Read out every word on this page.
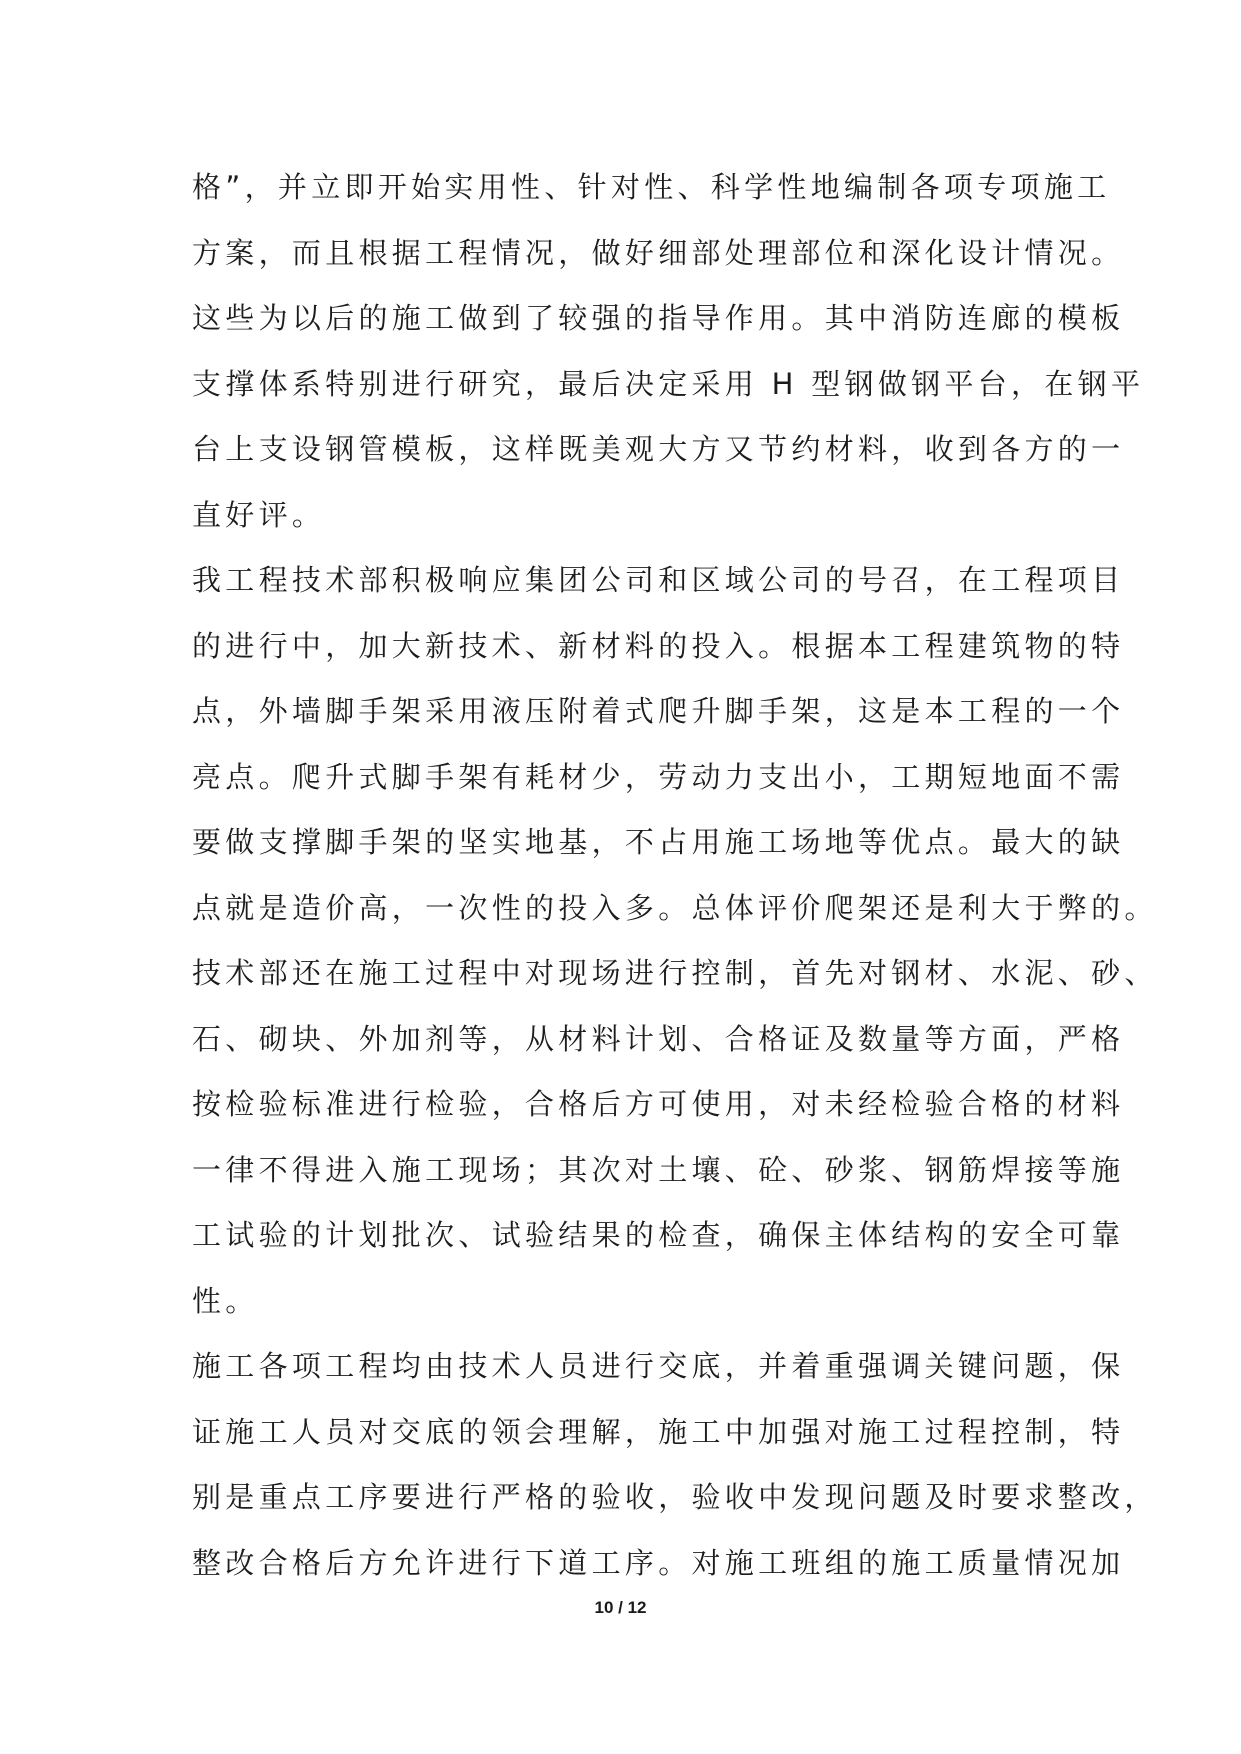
格”，并立即开始实用性、针对性、科学性地编制各项专项施工
方案，而且根据工程情况，做好细部处理部位和深化设计情况。
这些为以后的施工做到了较强的指导作用。其中消防连廊的模板
支撑体系特别进行研究，最后决定采用 H 型钢做钢平台，在钢平
台上支设钢管模板，这样既美观大方又节约材料，收到各方的一
直好评。
我工程技术部积极响应集团公司和区域公司的号召，在工程项目
的进行中，加大新技术、新材料的投入。根据本工程建筑物的特
点，外墙脚手架采用液压附着式爬升脚手架，这是本工程的一个
亮点。爬升式脚手架有耗材少，劳动力支出小，工期短地面不需
要做支撑脚手架的坚实地基，不占用施工场地等优点。最大的缺
点就是造价高，一次性的投入多。总体评价爬架还是利大于弊的。
技术部还在施工过程中对现场进行控制，首先对钢材、水泥、砂、
石、砌块、外加剂等，从材料计划、合格证及数量等方面，严格
按检验标准进行检验，合格后方可使用，对未经检验合格的材料
一律不得进入施工现场；其次对土壤、砼、砂浆、钢筋焊接等施
工试验的计划批次、试验结果的检查，确保主体结构的安全可靠
性。
施工各项工程均由技术人员进行交底，并着重强调关键问题，保
证施工人员对交底的领会理解，施工中加强对施工过程控制，特
别是重点工序要进行严格的验收，验收中发现问题及时要求整改，
整改合格后方允许进行下道工序。对施工班组的施工质量情况加
10 / 12
